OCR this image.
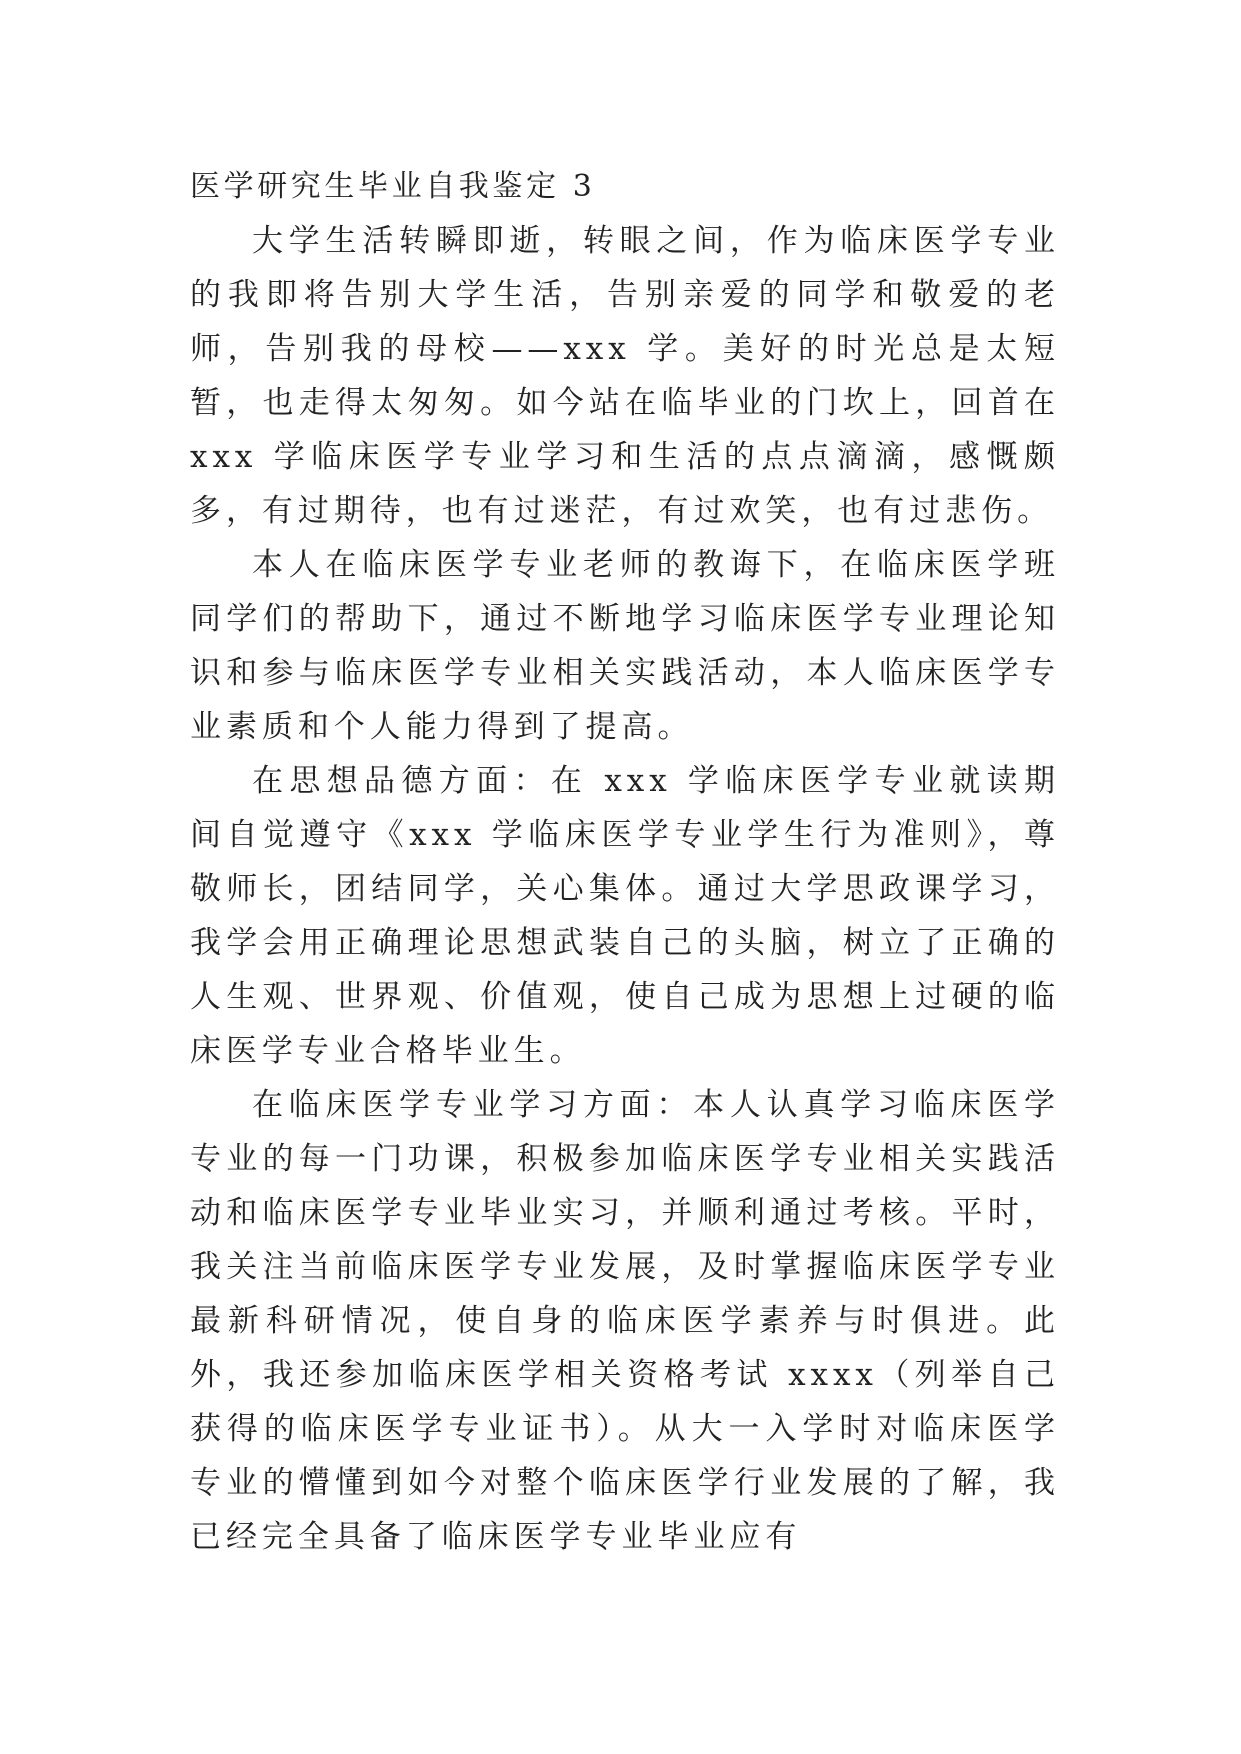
医学研究生毕业自我鉴定 3

大学生活转瞬即逝，转眼之间，作为临床医学专业的我即将告别大学生活，告别亲爱的同学和敬爱的老师，告别我的母校——xxx 学。美好的时光总是太短暂，也走得太匆匆。如今站在临毕业的门坎上，回首在 xxx 学临床医学专业学习和生活的点点滴滴，感慨颇多，有过期待，也有过迷茫，有过欢笑，也有过悲伤。

本人在临床医学专业老师的教诲下，在临床医学班同学们的帮助下，通过不断地学习临床医学专业理论知识和参与临床医学专业相关实践活动，本人临床医学专业素质和个人能力得到了提高。

在思想品德方面：在 xxx 学临床医学专业就读期间自觉遵守《xxx 学临床医学专业学生行为准则》，尊敬师长，团结同学，关心集体。通过大学思政课学习，我学会用正确理论思想武装自己的头脑，树立了正确的人生观、世界观、价值观，使自己成为思想上过硬的临床医学专业合格毕业生。

在临床医学专业学习方面：本人认真学习临床医学专业的每一门功课，积极参加临床医学专业相关实践活动和临床医学专业毕业实习，并顺利通过考核。平时，我关注当前临床医学专业发展，及时掌握临床医学专业最新科研情况，使自身的临床医学素养与时俱进。此外，我还参加临床医学相关资格考试 xxxx（列举自己获得的临床医学专业证书）。从大一入学时对临床医学专业的懵懂到如今对整个临床医学行业发展的了解，我已经完全具备了临床医学专业毕业应有
